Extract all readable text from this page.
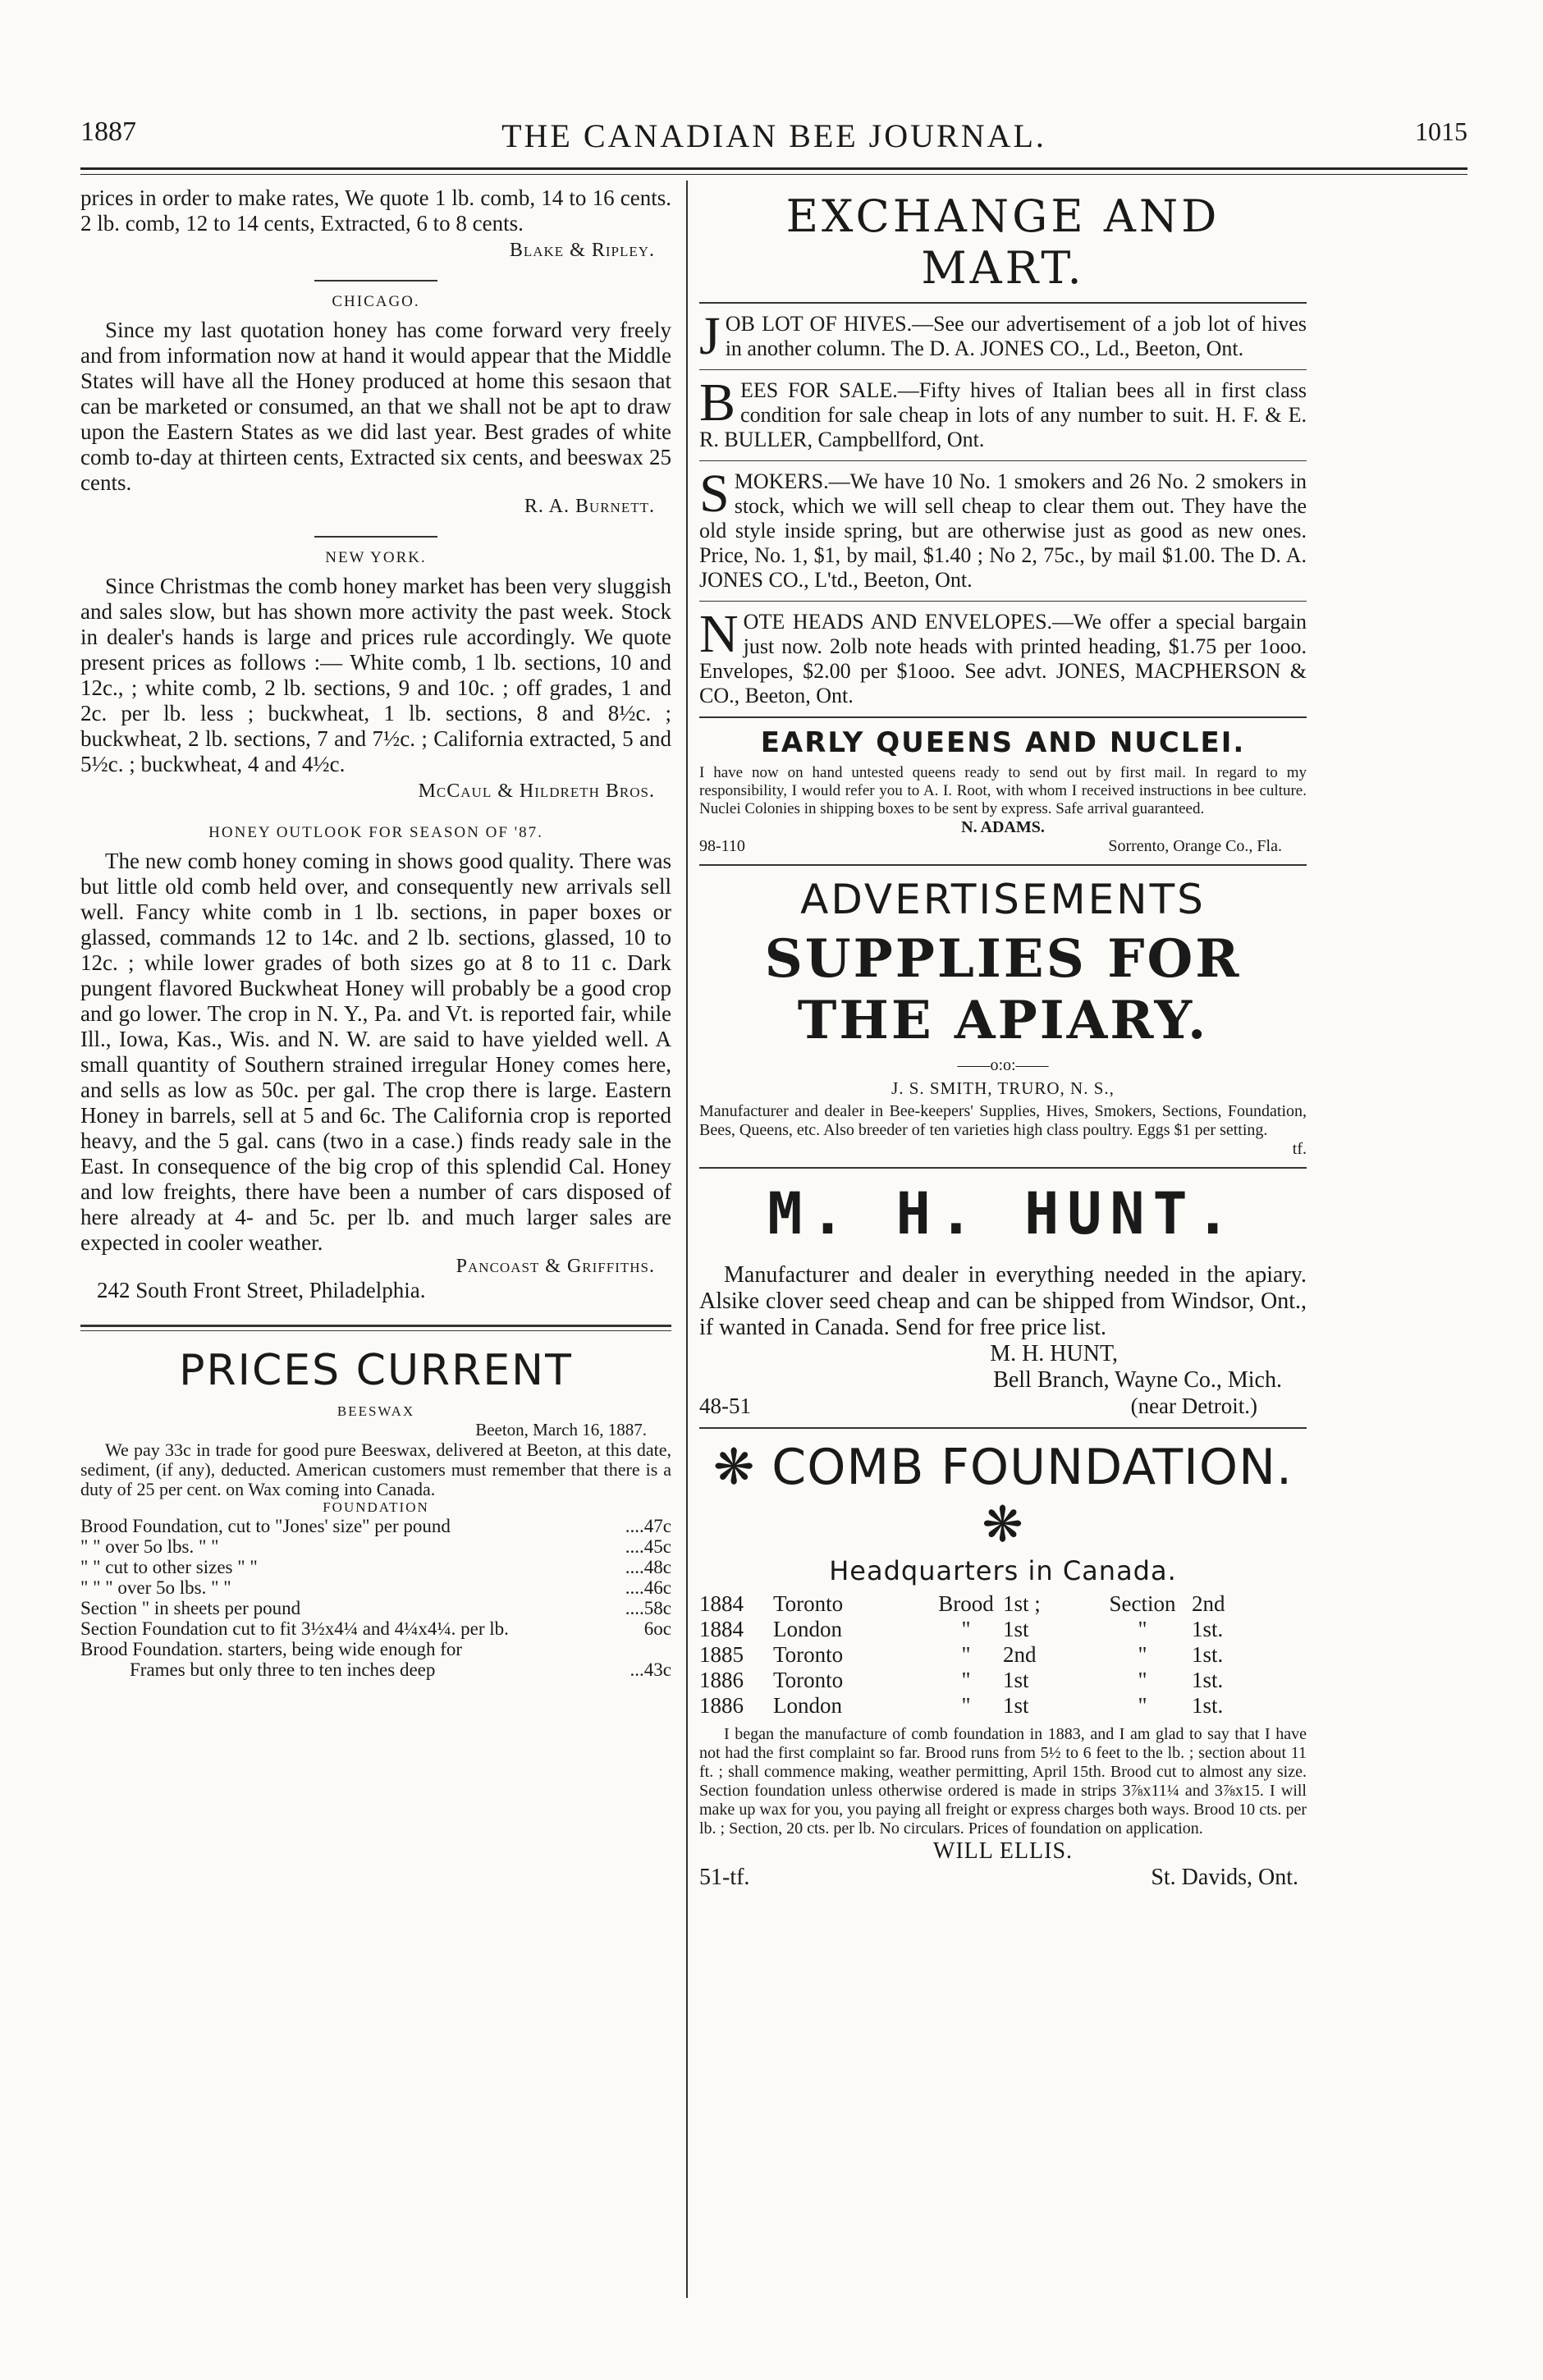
1887	THE CANADIAN BEE JOURNAL.	1015

prices in order to make rates, We quote 1 lb. comb, 14 to 16 cents. 2 lb. comb, 12 to 14 cents, Extracted, 6 to 8 cents.

Blake & Ripley.

CHICAGO.

Since my last quotation honey has come forward very freely and from information now at hand it would appear that the Middle States will have all the Honey produced at home this sesaon that can be marketed or consumed, an that we shall not be apt to draw upon the Eastern States as we did last year. Best grades of white comb to-day at thirteen cents, Extracted six cents, and beeswax 25 cents.

R. A. Burnett.

NEW YORK.

Since Christmas the comb honey market has been very sluggish and sales slow, but has shown more activity the past week. Stock in dealer's hands is large and prices rule accordingly. We quote present prices as follows :— White comb, 1 lb. sections, 10 and 12c., ; white comb, 2 lb. sections, 9 and 10c. ; off grades, 1 and 2c. per lb. less ; buckwheat, 1 lb. sections, 8 and 8½c. ; buckwheat, 2 lb. sections, 7 and 7½c. ; California extracted, 5 and 5½c. ; buckwheat, 4 and 4½c.

McCaul & Hildreth Bros.

HONEY OUTLOOK FOR SEASON OF '87.

The new comb honey coming in shows good quality. There was but little old comb held over, and consequently new arrivals sell well. Fancy white comb in 1 lb. sections, in paper boxes or glassed, commands 12 to 14c. and 2 lb. sections, glassed, 10 to 12c. ; while lower grades of both sizes go at 8 to 11 c. Dark pungent flavored Buckwheat Honey will probably be a good crop and go lower. The crop in N. Y., Pa. and Vt. is reported fair, while Ill., Iowa, Kas., Wis. and N. W. are said to have yielded well. A small quantity of Southern strained irregular Honey comes here, and sells as low as 50c. per gal. The crop there is large. Eastern Honey in barrels, sell at 5 and 6c. The California crop is reported heavy, and the 5 gal. cans (two in a case.) finds ready sale in the East. In consequence of the big crop of this splendid Cal. Honey and low freights, there have been a number of cars disposed of here already at 4- and 5c. per lb. and much larger sales are expected in cooler weather.

Pancoast & Griffiths.

242 South Front Street, Philadelphia.

PRICES CURRENT

BEESWAX

Beeton, March 16, 1887.

We pay 33c in trade for good pure Beeswax, delivered at Beeton, at this date, sediment, (if any), deducted. American customers must remember that there is a duty of 25 per cent. on Wax coming into Canada.

FOUNDATION

Brood Foundation, cut to "Jones' size" per pound	....47c
" " over 5o lbs. " "	....45c
" " cut to other sizes " "	....48c
" " " over 5o lbs. " "	....46c
Section " in sheets per pound	....58c
Section Foundation cut to fit 3½x4¼ and 4¼x4¼. per lb.	6oc
Brood Foundation. starters, being wide enough for
Frames but only three to ten inches deep	...43c

EXCHANGE AND MART.

JOB LOT OF HIVES.—See our advertisement of a job lot of hives in another column. The D. A. JONES CO., Ld., Beeton, Ont.
BEES FOR SALE.—Fifty hives of Italian bees all in first class condition for sale cheap in lots of any number to suit. H. F. & E. R. BULLER, Campbellford, Ont.
SMOKERS.—We have 10 No. 1 smokers and 26 No. 2 smokers in stock, which we will sell cheap to clear them out. They have the old style inside spring, but are otherwise just as good as new ones. Price, No. 1, $1, by mail, $1.40 ; No 2, 75c., by mail $1.00. The D. A. JONES CO., L'td., Beeton, Ont.
NOTE HEADS AND ENVELOPES.—We offer a special bargain just now. 2olb note heads with printed heading, $1.75 per 1ooo. Envelopes, $2.00 per $1ooo. See advt. JONES, MACPHERSON & CO., Beeton, Ont.

EARLY QUEENS AND NUCLEI.

I have now on hand untested queens ready to send out by first mail. In regard to my responsibility, I would refer you to A. I. Root, with whom I received instructions in bee culture. Nuclei Colonies in shipping boxes to be sent by express. Safe arrival guaranteed.

N. ADAMS.

98-110	Sorrento, Orange Co., Fla.

ADVERTISEMENTS

SUPPLIES FOR THE APIARY.

——o:o:——

J. S. SMITH, TRURO, N. S.,

Manufacturer and dealer in Bee-keepers' Supplies, Hives, Smokers, Sections, Foundation, Bees, Queens, etc. Also breeder of ten varieties high class poultry. Eggs $1 per setting.

tf.

M. H. HUNT.

Manufacturer and dealer in everything needed in the apiary. Alsike clover seed cheap and can be shipped from Windsor, Ont., if wanted in Canada. Send for free price list.

M. H. HUNT,

Bell Branch, Wayne Co., Mich.

48-51	(near Detroit.)

❋ COMB FOUNDATION. ❋

Headquarters in Canada.

1884	Toronto	Brood 1st ;	Section 2nd
1884	London	"	1st	"	1st.
1885	Toronto	"	2nd	"	1st.
1886	Toronto	"	1st	"	1st.
1886	London	"	1st	"	1st.

I began the manufacture of comb foundation in 1883, and I am glad to say that I have not had the first complaint so far. Brood runs from 5½ to 6 feet to the lb. ; section about 11 ft. ; shall commence making, weather permitting, April 15th. Brood cut to almost any size. Section foundation unless otherwise ordered is made in strips 3⅞x11¼ and 3⅞x15. I will make up wax for you, you paying all freight or express charges both ways. Brood 10 cts. per lb. ; Section, 20 cts. per lb. No circulars. Prices of foundation on application.

WILL ELLIS.

51-tf.	St. Davids, Ont.
